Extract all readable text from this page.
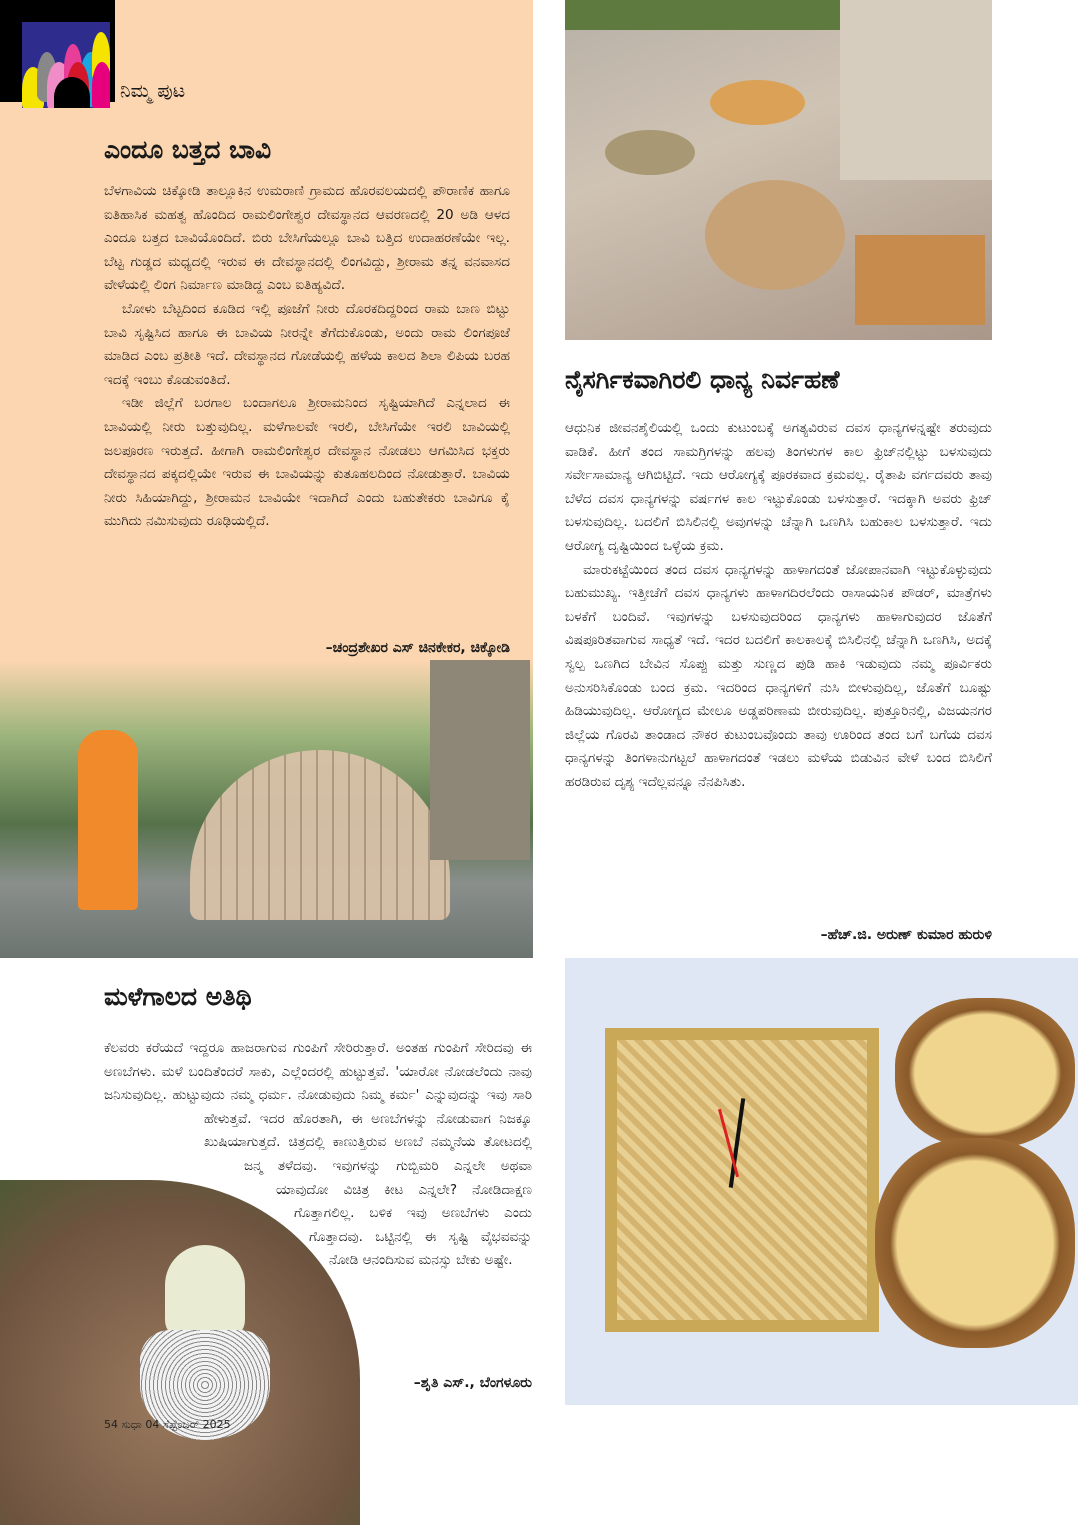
ನಿಮ್ಮ ಪುಟ
ಎಂದೂ ಬತ್ತದ ಬಾವಿ

ಬೆಳಗಾವಿಯ ಚಿಕ್ಕೋಡಿ ತಾಲ್ಲೂಕಿನ ಉಮರಾಣಿ ಗ್ರಾಮದ ಹೊರವಲಯದಲ್ಲಿ ಪೌರಾಣಿಕ ಹಾಗೂ ಐತಿಹಾಸಿಕ ಮಹತ್ವ ಹೊಂದಿದ ರಾಮಲಿಂಗೇಶ್ವರ ದೇವಸ್ಥಾನದ ಆವರಣದಲ್ಲಿ 20 ಅಡಿ ಆಳದ ಎಂದೂ ಬತ್ತದ ಬಾವಿಯೊಂದಿದೆ. ಬಿರು ಬೇಸಿಗೆಯಲ್ಲೂ ಬಾವಿ ಬತ್ತಿದ ಉದಾಹರಣೆಯೇ ಇಲ್ಲ. ಬೆಟ್ಟ ಗುಡ್ಡದ ಮಧ್ಯದಲ್ಲಿ ಇರುವ ಈ ದೇವಸ್ಥಾನದಲ್ಲಿ ಲಿಂಗವಿದ್ದು, ಶ್ರೀರಾಮ ತನ್ನ ವನವಾಸದ ವೇಳೆಯಲ್ಲಿ ಲಿಂಗ ನಿರ್ಮಾಣ ಮಾಡಿದ್ದ ಎಂಬ ಐತಿಹ್ಯವಿದೆ.

ಬೋಳು ಬೆಟ್ಟದಿಂದ ಕೂಡಿದ ಇಲ್ಲಿ ಪೂಜೆಗೆ ನೀರು ದೊರಕದಿದ್ದರಿಂದ ರಾಮ ಬಾಣ ಬಿಟ್ಟು ಬಾವಿ ಸೃಷ್ಟಿಸಿದ ಹಾಗೂ ಈ ಬಾವಿಯ ನೀರನ್ನೇ ತೆಗೆದುಕೊಂಡು, ಅಂದು ರಾಮ ಲಿಂಗಪೂಜೆ ಮಾಡಿದ ಎಂಬ ಪ್ರತೀತಿ ಇದೆ. ದೇವಸ್ಥಾನದ ಗೋಡೆಯಲ್ಲಿ ಹಳೆಯ ಕಾಲದ ಶಿಲಾ ಲಿಪಿಯ ಬರಹ ಇದಕ್ಕೆ ಇಂಬು ಕೊಡುವಂತಿದೆ.

ಇಡೀ ಜಿಲ್ಲೆಗೆ ಬರಗಾಲ ಬಂದಾಗಲೂ ಶ್ರೀರಾಮನಿಂದ ಸೃಷ್ಟಿಯಾಗಿದೆ ಎನ್ನಲಾದ ಈ ಬಾವಿಯಲ್ಲಿ ನೀರು ಬತ್ತುವುದಿಲ್ಲ. ಮಳೆಗಾಲವೇ ಇರಲಿ, ಬೇಸಿಗೆಯೇ ಇರಲಿ ಬಾವಿಯಲ್ಲಿ ಜಲಪೂರಣ ಇರುತ್ತದೆ. ಹೀಗಾಗಿ ರಾಮಲಿಂಗೇಶ್ವರ ದೇವಸ್ಥಾನ ನೋಡಲು ಆಗಮಿಸಿದ ಭಕ್ತರು ದೇವಸ್ಥಾನದ ಪಕ್ಕದಲ್ಲಿಯೇ ಇರುವ ಈ ಬಾವಿಯನ್ನು ಕುತೂಹಲದಿಂದ ನೋಡುತ್ತಾರೆ. ಬಾವಿಯ ನೀರು ಸಿಹಿಯಾಗಿದ್ದು, ಶ್ರೀರಾಮನ ಬಾವಿಯೇ ಇದಾಗಿದೆ ಎಂದು ಬಹುತೇಕರು ಬಾವಿಗೂ ಕೈ ಮುಗಿದು ನಮಿಸುವುದು ರೂಢಿಯಲ್ಲಿದೆ.

–ಚಂದ್ರಶೇಖರ ಎಸ್ ಚಿನಕೇಕರ, ಚಿಕ್ಕೋಡಿ
ನೈಸರ್ಗಿಕವಾಗಿರಲಿ ಧಾನ್ಯ ನಿರ್ವಹಣೆ

ಆಧುನಿಕ ಜೀವನಶೈಲಿಯಲ್ಲಿ ಒಂದು ಕುಟುಂಬಕ್ಕೆ ಅಗತ್ಯವಿರುವ ದವಸ ಧಾನ್ಯಗಳನ್ನಷ್ಟೇ ತರುವುದು ವಾಡಿಕೆ. ಹೀಗೆ ತಂದ ಸಾಮಗ್ರಿಗಳನ್ನು ಹಲವು ತಿಂಗಳುಗಳ ಕಾಲ ಫ್ರಿಜ್‌ನಲ್ಲಿಟ್ಟು ಬಳಸುವುದು ಸರ್ವೇಸಾಮಾನ್ಯ ಆಗಿಬಿಟ್ಟಿದೆ. ಇದು ಆರೋಗ್ಯಕ್ಕೆ ಪೂರಕವಾದ ಕ್ರಮವಲ್ಲ. ರೈತಾಪಿ ವರ್ಗದವರು ತಾವು ಬೆಳೆದ ದವಸ ಧಾನ್ಯಗಳನ್ನು ವರ್ಷಗಳ ಕಾಲ ಇಟ್ಟುಕೊಂಡು ಬಳಸುತ್ತಾರೆ. ಇದಕ್ಕಾಗಿ ಅವರು ಫ್ರಿಜ್ ಬಳಸುವುದಿಲ್ಲ. ಬದಲಿಗೆ ಬಿಸಿಲಿನಲ್ಲಿ ಅವುಗಳನ್ನು ಚೆನ್ನಾಗಿ ಒಣಗಿಸಿ ಬಹುಕಾಲ ಬಳಸುತ್ತಾರೆ. ಇದು ಆರೋಗ್ಯ ದೃಷ್ಟಿಯಿಂದ ಒಳ್ಳೆಯ ಕ್ರಮ.

ಮಾರುಕಟ್ಟೆಯಿಂದ ತಂದ ದವಸ ಧಾನ್ಯಗಳನ್ನು ಹಾಳಾಗದಂತೆ ಜೋಪಾನವಾಗಿ ಇಟ್ಟುಕೊಳ್ಳುವುದು ಬಹುಮುಖ್ಯ. ಇತ್ತೀಚೆಗೆ ದವಸ ಧಾನ್ಯಗಳು ಹಾಳಾಗದಿರಲೆಂದು ರಾಸಾಯನಿಕ ಪೌಡರ್, ಮಾತ್ರೆಗಳು ಬಳಕೆಗೆ ಬಂದಿವೆ. ಇವುಗಳನ್ನು ಬಳಸುವುದರಿಂದ ಧಾನ್ಯಗಳು ಹಾಳಾಗುವುದರ ಜೊತೆಗೆ ವಿಷಪೂರಿತವಾಗುವ ಸಾಧ್ಯತೆ ಇದೆ. ಇದರ ಬದಲಿಗೆ ಕಾಲಕಾಲಕ್ಕೆ ಬಿಸಿಲಿನಲ್ಲಿ ಚೆನ್ನಾಗಿ ಒಣಗಿಸಿ, ಅದಕ್ಕೆ ಸ್ವಲ್ಪ ಒಣಗಿದ ಬೇವಿನ ಸೊಪ್ಪು ಮತ್ತು ಸುಣ್ಣದ ಪುಡಿ ಹಾಕಿ ಇಡುವುದು ನಮ್ಮ ಪೂರ್ವಿಕರು ಅನುಸರಿಸಿಕೊಂಡು ಬಂದ ಕ್ರಮ. ಇದರಿಂದ ಧಾನ್ಯಗಳಿಗೆ ನುಸಿ ಬೀಳುವುದಿಲ್ಲ, ಜೊತೆಗೆ ಬೂಷ್ಟು ಹಿಡಿಯುವುದಿಲ್ಲ. ಆರೋಗ್ಯದ ಮೇಲೂ ಅಡ್ಡಪರಿಣಾಮ ಬೀರುವುದಿಲ್ಲ. ಪುತ್ತೂರಿನಲ್ಲಿ, ವಿಜಯನಗರ ಜಿಲ್ಲೆಯ ಗೊರವಿ ತಾಂಡಾದ ನೌಕರ ಕುಟುಂಬವೊಂದು ತಾವು ಊರಿಂದ ತಂದ ಬಗೆ ಬಗೆಯ ದವಸ ಧಾನ್ಯಗಳನ್ನು ತಿಂಗಳಾನುಗಟ್ಟಲೆ ಹಾಳಾಗದಂತೆ ಇಡಲು ಮಳೆಯ ಬಿಡುವಿನ ವೇಳೆ ಬಂದ ಬಿಸಿಲಿಗೆ ಹರಡಿರುವ ದೃಶ್ಯ ಇದೆಲ್ಲವನ್ನೂ ನೆನಪಿಸಿತು.

–ಹೆಚ್.ಜಿ. ಅರುಣ್ ಕುಮಾರ ಹುರುಳಿ
ಮಳೆಗಾಲದ ಅತಿಥಿ

ಕೆಲವರು ಕರೆಯದೆ ಇದ್ದರೂ ಹಾಜರಾಗುವ ಗುಂಪಿಗೆ ಸೇರಿರುತ್ತಾರೆ. ಅಂತಹ ಗುಂಪಿಗೆ ಸೇರಿದವು ಈ ಅಣಬೆಗಳು. ಮಳೆ ಬಂದಿತೆಂದರೆ ಸಾಕು, ಎಲ್ಲೆಂದರಲ್ಲಿ ಹುಟ್ಟುತ್ತವೆ. 'ಯಾರೋ ನೋಡಲೆಂದು ನಾವು ಜನಿಸುವುದಿಲ್ಲ. ಹುಟ್ಟುವುದು ನಮ್ಮ ಧರ್ಮ. ನೋಡುವುದು ನಿಮ್ಮ ಕರ್ಮ' ಎನ್ನುವುದನ್ನು ಇವು ಸಾರಿ ಹೇಳುತ್ತವೆ. ಇದರ ಹೊರತಾಗಿ, ಈ ಅಣಬೆಗಳನ್ನು ನೋಡುವಾಗ ನಿಜಕ್ಕೂ ಖುಷಿಯಾಗುತ್ತದೆ. ಚಿತ್ರದಲ್ಲಿ ಕಾಣುತ್ತಿರುವ ಅಣಬೆ ನಮ್ಮನೆಯ ತೋಟದಲ್ಲಿ ಜನ್ಮ ತಳೆದವು. ಇವುಗಳನ್ನು ಗುಬ್ಬಿಮರಿ ಎನ್ನಲೇ ಅಥವಾ ಯಾವುದೋ ವಿಚಿತ್ರ ಕೀಟ ಎನ್ನಲೇ? ನೋಡಿದಾಕ್ಷಣ ಗೊತ್ತಾಗಲಿಲ್ಲ. ಬಳಿಕ ಇವು ಅಣಬೆಗಳು ಎಂದು ಗೊತ್ತಾದವು. ಒಟ್ಟಿನಲ್ಲಿ ಈ ಸೃಷ್ಟಿ ವೈಭವವನ್ನು ನೋಡಿ ಆನಂದಿಸುವ ಮನಸ್ಸು ಬೇಕು ಅಷ್ಟೇ.

–ಶೃತಿ ಎಸ್., ಬೆಂಗಳೂರು
54 ಸುಧಾ 04 ಸೆಪ್ಟೆಂಬರ್ 2025
